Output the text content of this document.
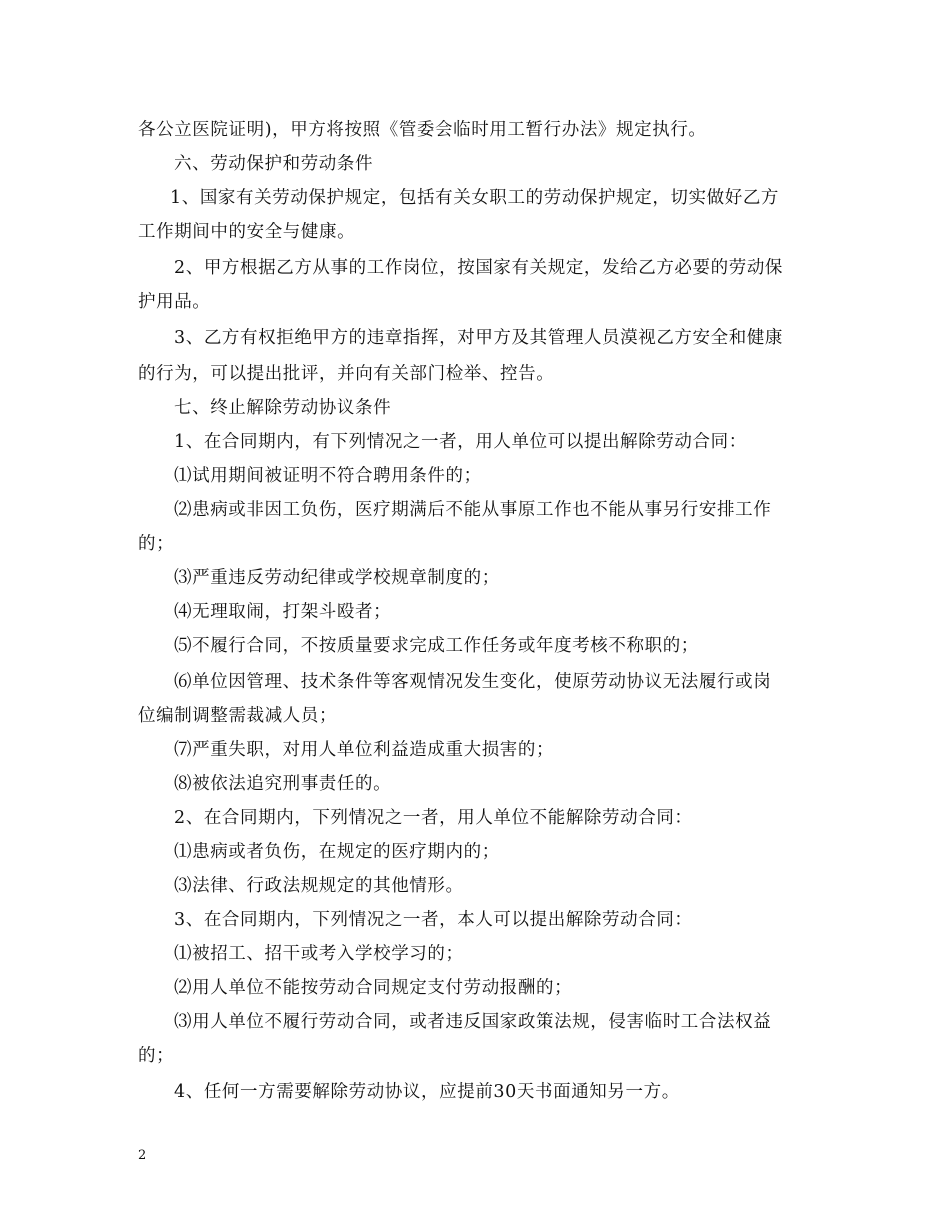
各公立医院证明)，甲方将按照《管委会临时用工暂行办法》规定执行。
六、劳动保护和劳动条件
1、国家有关劳动保护规定，包括有关女职工的劳动保护规定，切实做好乙方
工作期间中的安全与健康。
2、甲方根据乙方从事的工作岗位，按国家有关规定，发给乙方必要的劳动保
护用品。
3、乙方有权拒绝甲方的违章指挥，对甲方及其管理人员漠视乙方安全和健康
的行为，可以提出批评，并向有关部门检举、控告。
七、终止解除劳动协议条件
1、在合同期内，有下列情况之一者，用人单位可以提出解除劳动合同：
⑴试用期间被证明不符合聘用条件的；
⑵患病或非因工负伤，医疗期满后不能从事原工作也不能从事另行安排工作
的；
⑶严重违反劳动纪律或学校规章制度的；
⑷无理取闹，打架斗殴者；
⑸不履行合同，不按质量要求完成工作任务或年度考核不称职的；
⑹单位因管理、技术条件等客观情况发生变化，使原劳动协议无法履行或岗
位编制调整需裁减人员；
⑺严重失职，对用人单位利益造成重大损害的；
⑻被依法追究刑事责任的。
2、在合同期内，下列情况之一者，用人单位不能解除劳动合同：
⑴患病或者负伤，在规定的医疗期内的；
⑶法律、行政法规规定的其他情形。
3、在合同期内，下列情况之一者，本人可以提出解除劳动合同：
⑴被招工、招干或考入学校学习的；
⑵用人单位不能按劳动合同规定支付劳动报酬的；
⑶用人单位不履行劳动合同，或者违反国家政策法规，侵害临时工合法权益
的；
4、任何一方需要解除劳动协议，应提前30天书面通知另一方。
2
